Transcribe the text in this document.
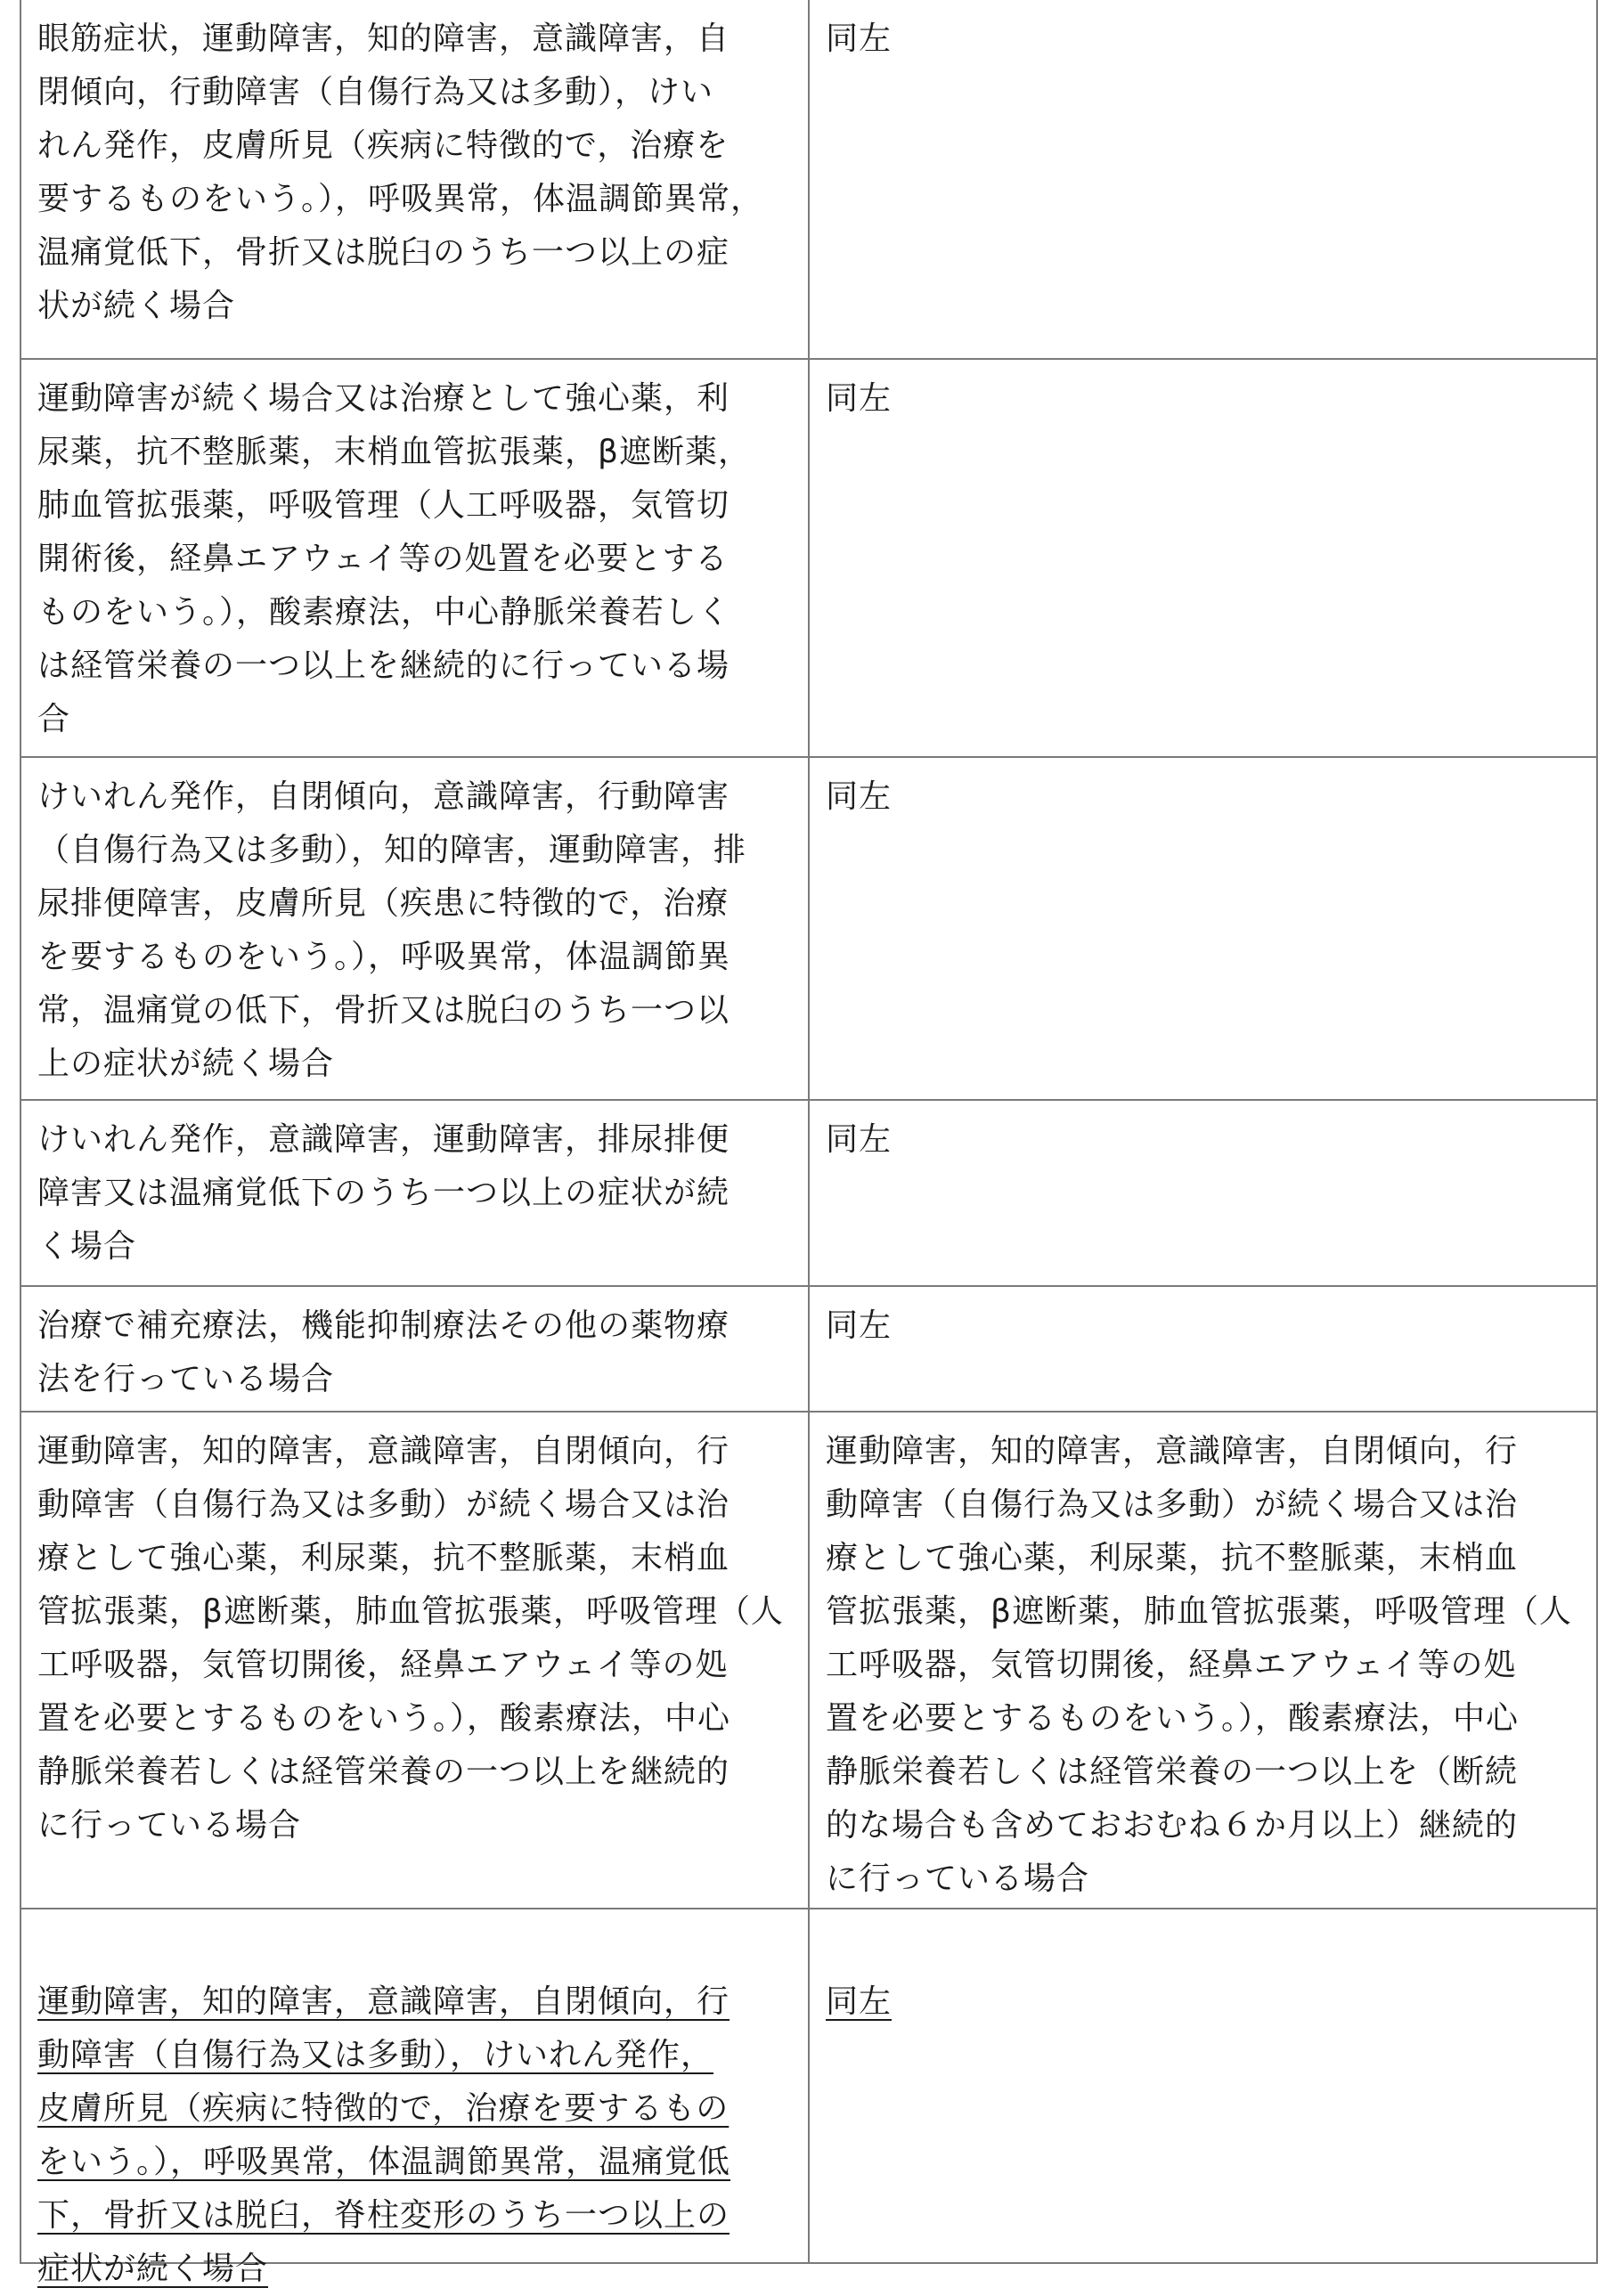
眼筋症状，運動障害，知的障害，意識障害，自
閉傾向，行動障害（自傷行為又は多動），けい
れん発作，皮膚所見（疾病に特徴的で，治療を
要するものをいう。），呼吸異常，体温調節異常，
温痛覚低下，骨折又は脱臼のうち一つ以上の症
状が続く場合
同左
運動障害が続く場合又は治療として強心薬，利
尿薬，抗不整脈薬，末梢血管拡張薬，β遮断薬，
肺血管拡張薬，呼吸管理（人工呼吸器，気管切
開術後，経鼻エアウェイ等の処置を必要とする
ものをいう。），酸素療法，中心静脈栄養若しく
は経管栄養の一つ以上を継続的に行っている場
合
同左
けいれん発作，自閉傾向，意識障害，行動障害
（自傷行為又は多動），知的障害，運動障害，排
尿排便障害，皮膚所見（疾患に特徴的で，治療
を要するものをいう。），呼吸異常，体温調節異
常，温痛覚の低下，骨折又は脱臼のうち一つ以
上の症状が続く場合
同左
けいれん発作，意識障害，運動障害，排尿排便
障害又は温痛覚低下のうち一つ以上の症状が続
く場合
同左
治療で補充療法，機能抑制療法その他の薬物療
法を行っている場合
同左
運動障害，知的障害，意識障害，自閉傾向，行
動障害（自傷行為又は多動）が続く場合又は治
療として強心薬，利尿薬，抗不整脈薬，末梢血
管拡張薬，β遮断薬，肺血管拡張薬，呼吸管理（人
工呼吸器，気管切開後，経鼻エアウェイ等の処
置を必要とするものをいう。），酸素療法，中心
静脈栄養若しくは経管栄養の一つ以上を継続的
に行っている場合
運動障害，知的障害，意識障害，自閉傾向，行
動障害（自傷行為又は多動）が続く場合又は治
療として強心薬，利尿薬，抗不整脈薬，末梢血
管拡張薬，β遮断薬，肺血管拡張薬，呼吸管理（人
工呼吸器，気管切開後，経鼻エアウェイ等の処
置を必要とするものをいう。），酸素療法，中心
静脈栄養若しくは経管栄養の一つ以上を（断続
的な場合も含めておおむね６か月以上）継続的
に行っている場合

運動障害，知的障害，意識障害，自閉傾向，行
動障害（自傷行為又は多動），けいれん発作，
皮膚所見（疾病に特徴的で，治療を要するもの
をいう。），呼吸異常，体温調節異常，温痛覚低
下，骨折又は脱臼，脊柱変形のうち一つ以上の
症状が続く場合

同左
